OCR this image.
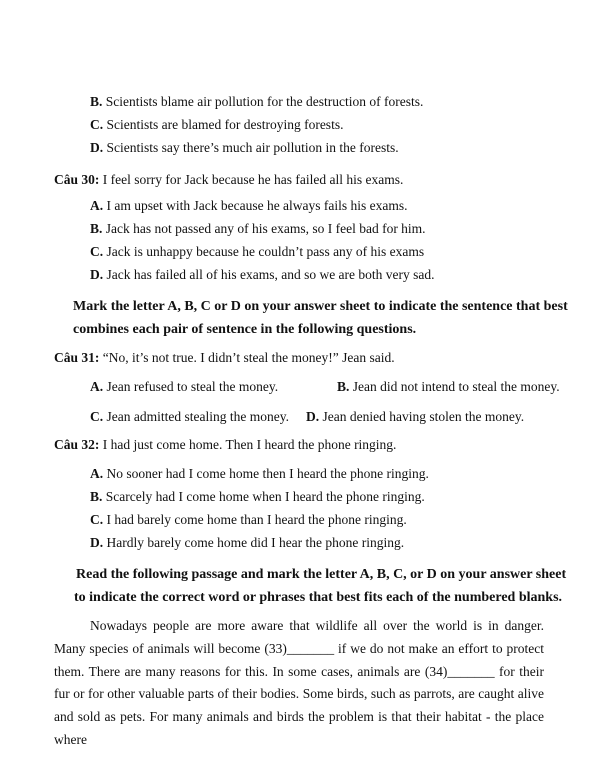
B. Scientists blame air pollution for the destruction of forests.
C. Scientists are blamed for destroying forests.
D. Scientists say there’s much air pollution in the forests.
Câu 30: I feel sorry for Jack because he has failed all his exams.
A. I am upset with Jack because he always fails his exams.
B. Jack has not passed any of his exams, so I feel bad for him.
C. Jack is unhappy because he couldn’t pass any of his exams
D. Jack has failed all of his exams, and so we are both very sad.
Mark the letter A, B, C or D on your answer sheet to indicate the sentence that best
combines each pair of sentence in the following questions.
Câu 31: “No, it’s not true. I didn’t steal the money!” Jean said.
A. Jean refused to steal the money.	B. Jean did not intend to steal the money.
C. Jean admitted stealing the money. D. Jean denied having stolen the money.
Câu 32: I had just come home. Then I heard the phone ringing.
A. No sooner had I come home then I heard the phone ringing.
B. Scarcely had I come home when I heard the phone ringing.
C. I had barely come home than I heard the phone ringing.
D. Hardly barely come home did I hear the phone ringing.
Read the following passage and mark the letter A, B, C, or D on your answer sheet
to indicate the correct word or phrases that best fits each of the numbered blanks.
Nowadays people are more aware that wildlife all over the world is in danger. Many species of animals will become (33)_______ if we do not make an effort to protect them. There are many reasons for this. In some cases, animals are (34)_______ for their fur or for other valuable parts of their bodies. Some birds, such as parrots, are caught alive and sold as pets. For many animals and birds the problem is that their habitat - the place where
